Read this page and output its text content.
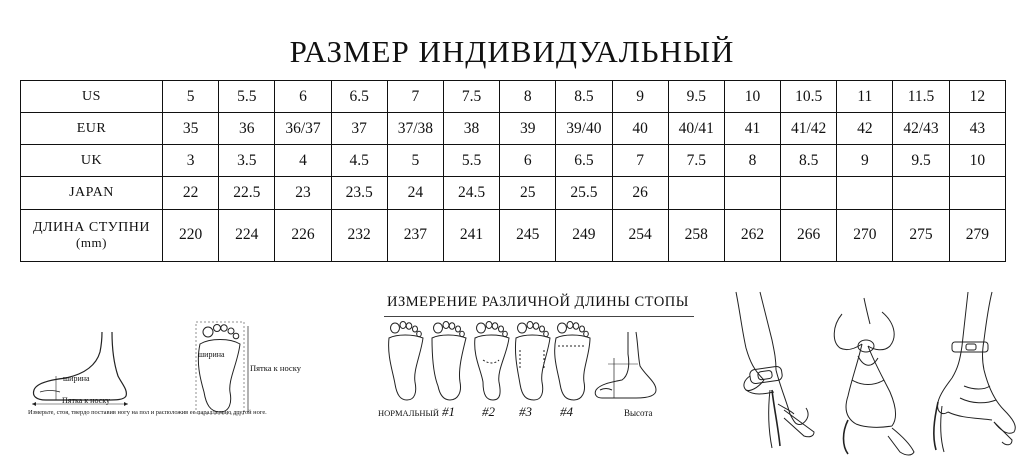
РАЗМЕР ИНДИВИДУАЛЬНЫЙ
US	5	5.5	6	6.5	7	7.5	8	8.5	9	9.5	10	10.5	11	11.5	12

EUR	35	36	36/37	37	37/38	38	39	39/40	40	40/41	41	41/42	42	42/43	43

UK	3	3.5	4	4.5	5	5.5	6	6.5	7	7.5	8	8.5	9	9.5	10

JAPAN	22	22.5	23	23.5	24	24.5	25	25.5	26						

ДЛИНА СТУПНИ
(mm)	220	224	226	232	237	241	245	249	254	258	262	266	270	275	279
ширина
Пятка к носку
ширина
Пятка к носку
Измерьте, стоя, твердо поставив ногу на пол и расположив ее параллельно другой ноге.
ИЗМЕРЕНИЕ РАЗЛИЧНОЙ ДЛИНЫ СТОПЫ
НОРМАЛЬНЫЙ #1 #2 #3 #4	Высота
